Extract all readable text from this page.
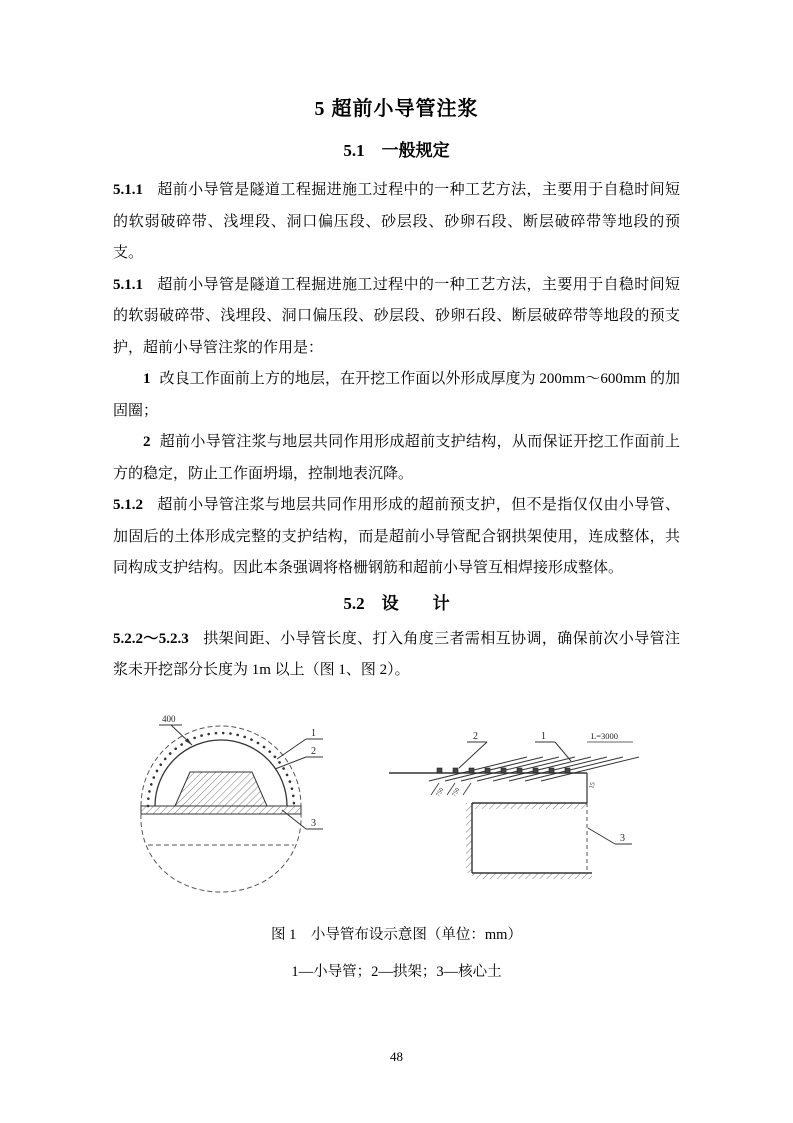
5 超前小导管注浆
5.1　一般规定
5.1.1 超前小导管是隧道工程掘进施工过程中的一种工艺方法，主要用于自稳时间短的软弱破碎带、浅埋段、洞口偏压段、砂层段、砂卵石段、断层破碎带等地段的预支。
5.1.1 超前小导管是隧道工程掘进施工过程中的一种工艺方法，主要用于自稳时间短的软弱破碎带、浅埋段、洞口偏压段、砂层段、砂卵石段、断层破碎带等地段的预支护，超前小导管注浆的作用是：
1 改良工作面前上方的地层，在开挖工作面以外形成厚度为 200mm～600mm 的加固圈；
2 超前小导管注浆与地层共同作用形成超前支护结构，从而保证开挖工作面前上方的稳定，防止工作面坍塌，控制地表沉降。
5.1.2 超前小导管注浆与地层共同作用形成的超前预支护，但不是指仅仅由小导管、加固后的土体形成完整的支护结构，而是超前小导管配合钢拱架使用，连成整体，共同构成支护结构。因此本条强调将格栅钢筋和超前小导管互相焊接形成整体。
5.2　设　　计
5.2.2～5.2.3 拱架间距、小导管长度、打入角度三者需相互协调，确保前次小导管注浆未开挖部分长度为 1m 以上（图 1、图 2）。
400
1
2
3
2	1	L=3000
15
750 750
3
图 1　小导管布设示意图（单位：mm）
1—小导管；2—拱架；3—核心土
48
